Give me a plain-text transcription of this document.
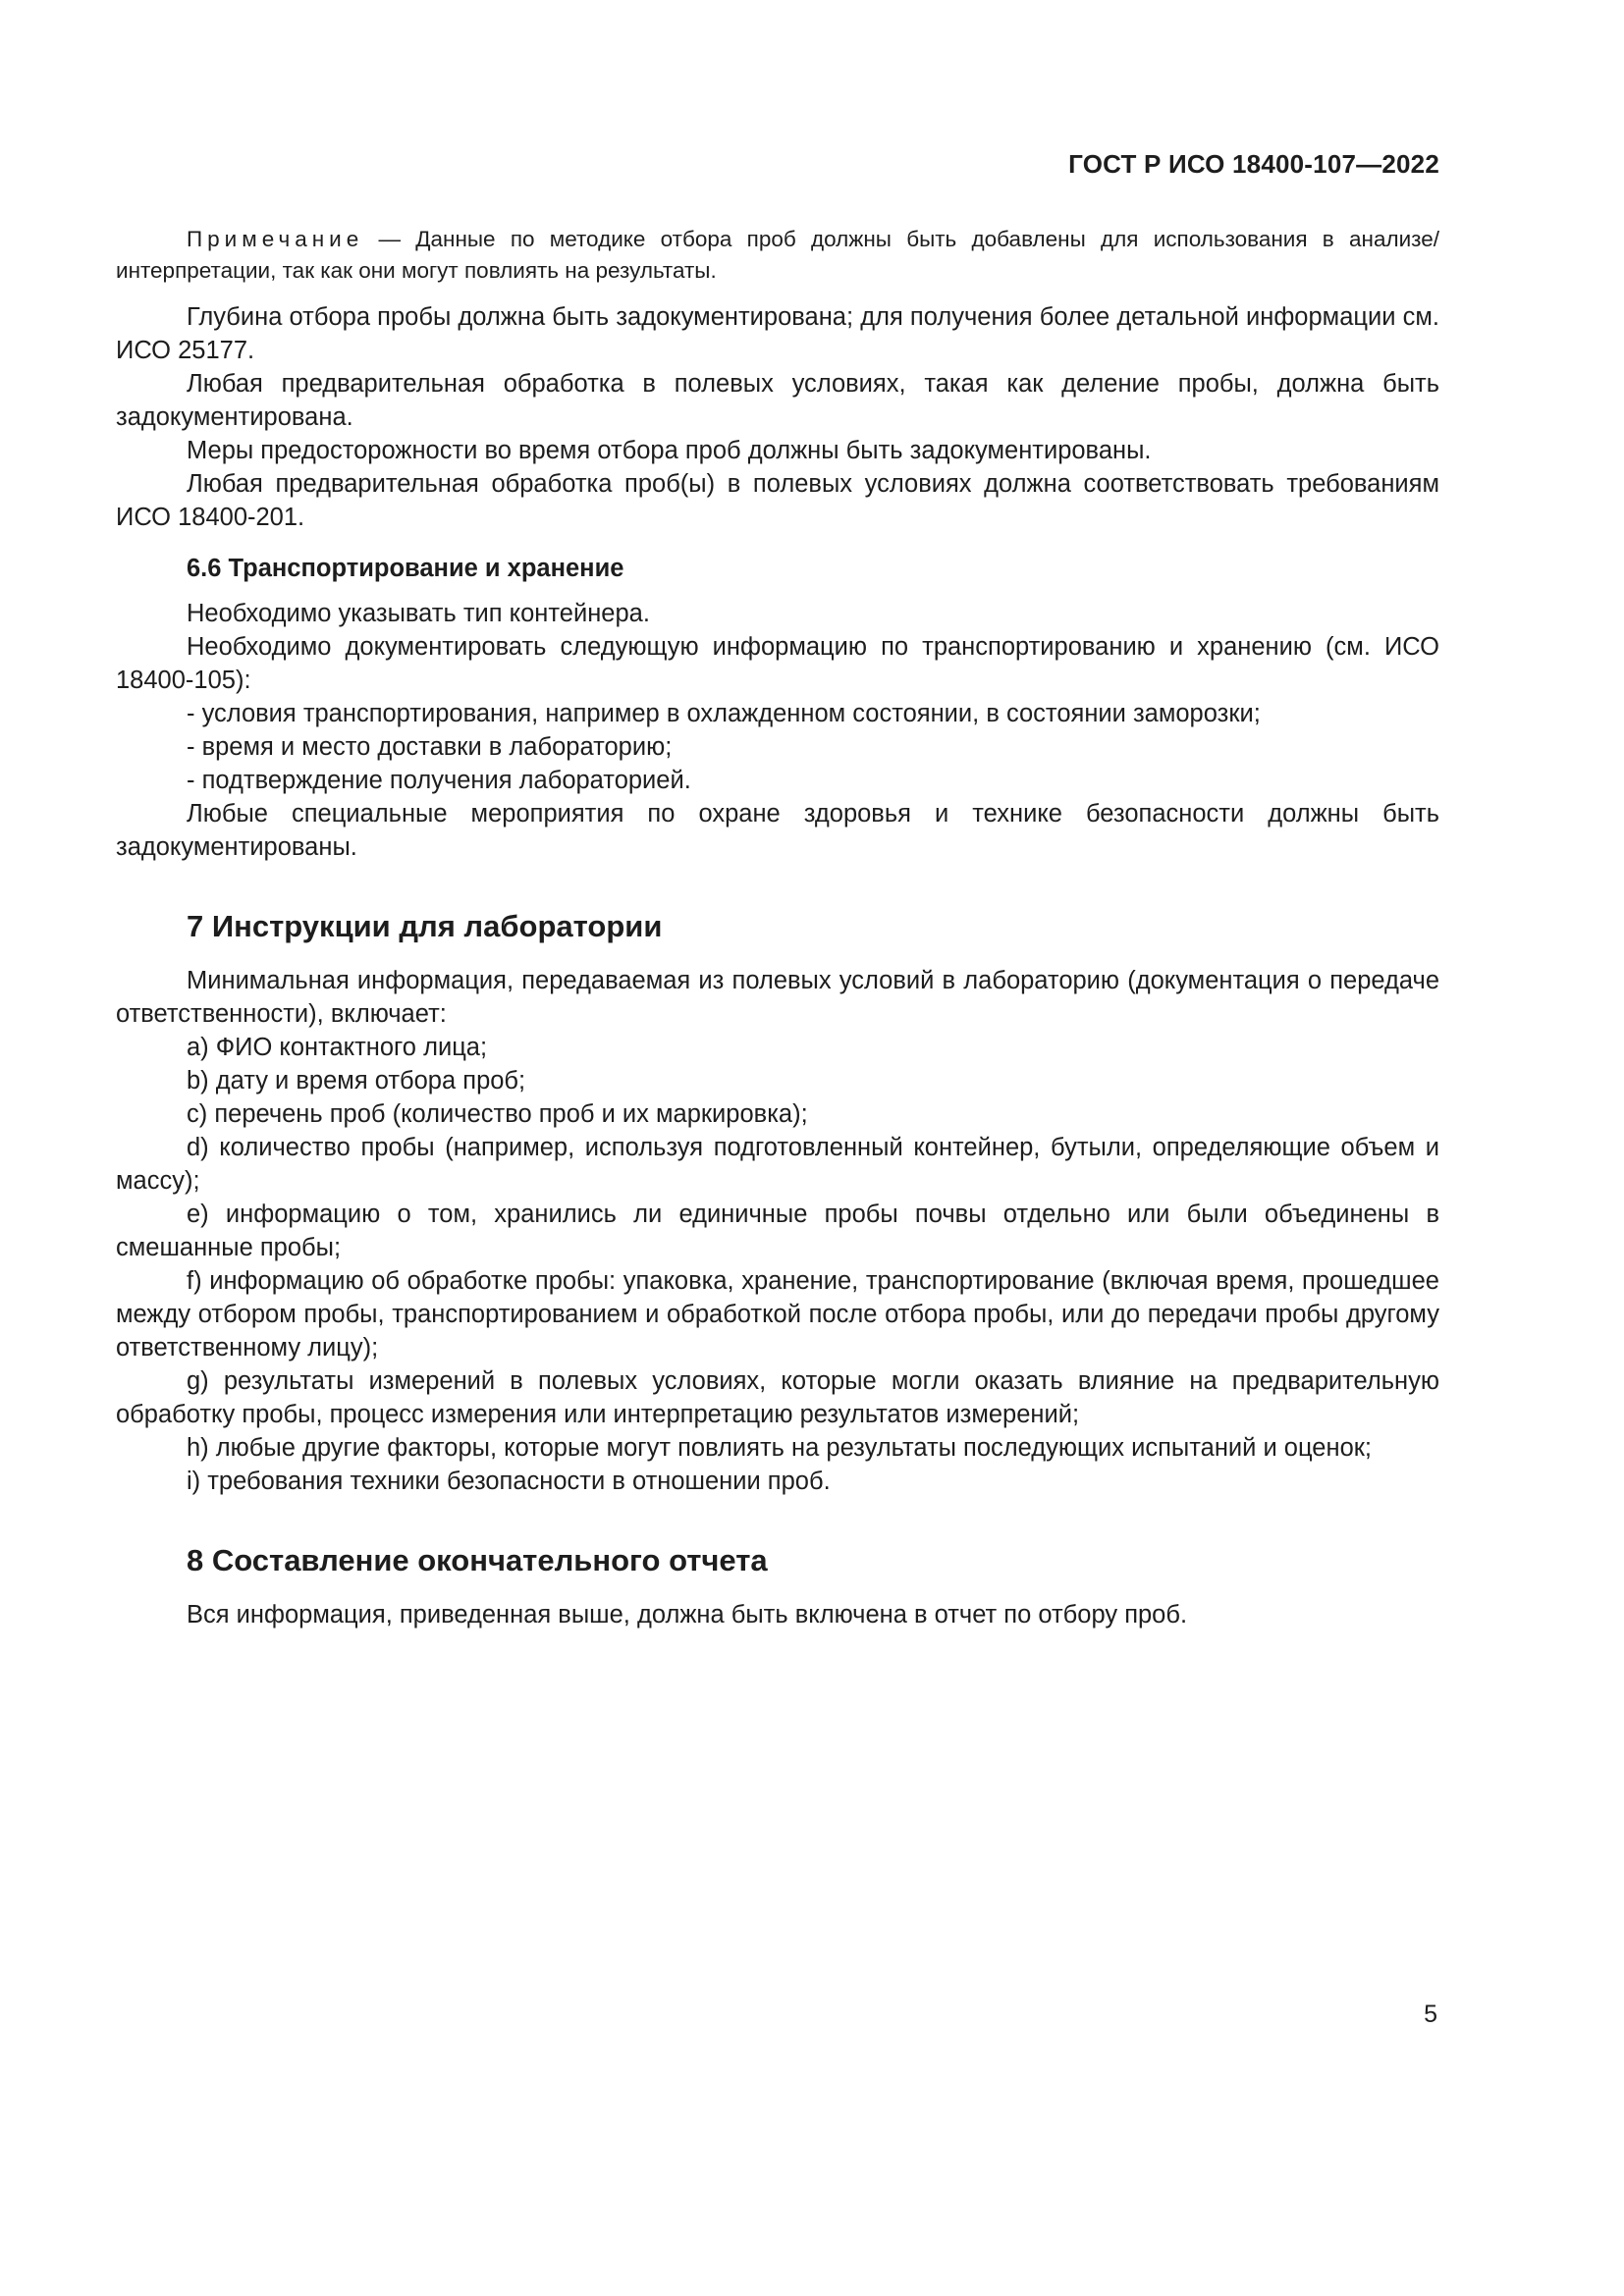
ГОСТ Р ИСО 18400-107—2022

Примечание — Данные по методике отбора проб должны быть добавлены для использования в анализе/интерпретации, так как они могут повлиять на результаты.

Глубина отбора пробы должна быть задокументирована; для получения более детальной информации см. ИСО 25177.

Любая предварительная обработка в полевых условиях, такая как деление пробы, должна быть задокументирована.

Меры предосторожности во время отбора проб должны быть задокументированы.

Любая предварительная обработка проб(ы) в полевых условиях должна соответствовать требованиям ИСО 18400-201.

6.6 Транспортирование и хранение

Необходимо указывать тип контейнера.

Необходимо документировать следующую информацию по транспортированию и хранению (см. ИСО 18400-105):

- условия транспортирования, например в охлажденном состоянии, в состоянии заморозки;

- время и место доставки в лабораторию;

- подтверждение получения лабораторией.

Любые специальные мероприятия по охране здоровья и технике безопасности должны быть задокументированы.

7 Инструкции для лаборатории

Минимальная информация, передаваемая из полевых условий в лабораторию (документация о передаче ответственности), включает:

a) ФИО контактного лица;

b) дату и время отбора проб;

c) перечень проб (количество проб и их маркировка);

d) количество пробы (например, используя подготовленный контейнер, бутыли, определяющие объем и массу);

e) информацию о том, хранились ли единичные пробы почвы отдельно или были объединены в смешанные пробы;

f) информацию об обработке пробы: упаковка, хранение, транспортирование (включая время, прошедшее между отбором пробы, транспортированием и обработкой после отбора пробы, или до передачи пробы другому ответственному лицу);

g) результаты измерений в полевых условиях, которые могли оказать влияние на предварительную обработку пробы, процесс измерения или интерпретацию результатов измерений;

h) любые другие факторы, которые могут повлиять на результаты последующих испытаний и оценок;

i) требования техники безопасности в отношении проб.

8 Составление окончательного отчета

Вся информация, приведенная выше, должна быть включена в отчет по отбору проб.

5
